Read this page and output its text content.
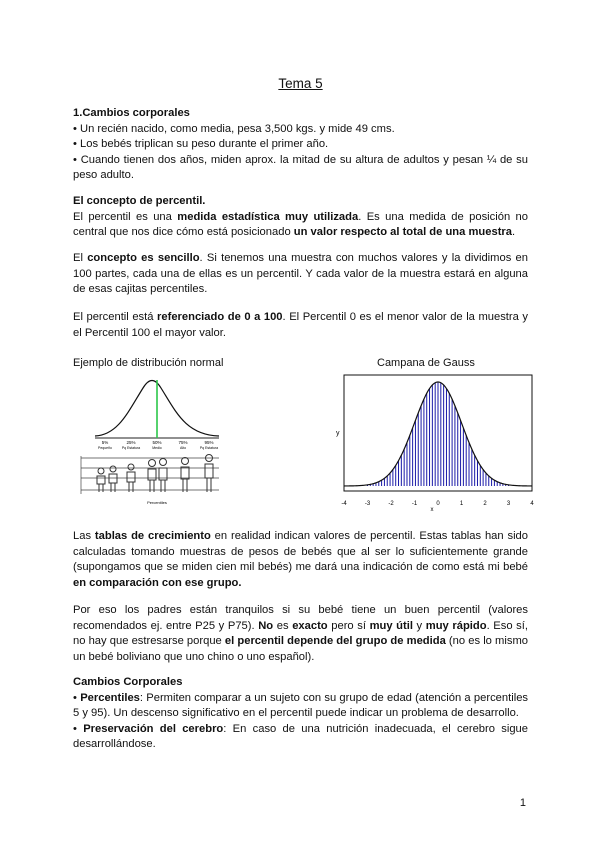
Tema 5

1.Cambios corporales

• Un recién nacido, como media, pesa 3,500 kgs. y mide 49 cms.

• Los bebés triplican su peso durante el primer año.

• Cuando tienen dos años, miden aprox. la mitad de su altura de adultos y pesan ¼ de su peso adulto.

El concepto de percentil.

El percentil es una medida estadística muy utilizada. Es una medida de posición no central que nos dice cómo está posicionado un valor respecto al total de una muestra.

El concepto es sencillo. Si tenemos una muestra con muchos valores y la dividimos en 100 partes, cada una de ellas es un percentil. Y cada valor de la muestra estará en alguna de esas cajitas percentiles.

El percentil está referenciado de 0 a 100. El Percentil 0 es el menor valor de la muestra y el Percentil 100 el mayor valor.

Ejemplo de distribución normal	Campana de Gauss
5%	25%	50%	75%	95%
Pequeño	Pq Estatura	Medio	Alto	Pq Estatura
Percentiles
y
-4	-3	-2	-1	0	1	2	3	4
x

Las tablas de crecimiento en realidad indican valores de percentil. Estas tablas han sido calculadas tomando muestras de pesos de bebés que al ser lo suficientemente grande (supongamos que se miden cien mil bebés) me dará una indicación de como está mi bebé en comparación con ese grupo.

Por eso los padres están tranquilos si su bebé tiene un buen percentil (valores recomendados ej. entre P25 y P75). No es exacto pero sí muy útil y muy rápido. Eso sí, no hay que estresarse porque el percentil depende del grupo de medida (no es lo mismo un bebé boliviano que uno chino o uno español).

Cambios Corporales

• Percentiles: Permiten comparar a un sujeto con su grupo de edad (atención a percentiles 5 y 95). Un descenso significativo en el percentil puede indicar un problema de desarrollo.

• Preservación del cerebro: En caso de una nutrición inadecuada, el cerebro sigue desarrollándose.

1
